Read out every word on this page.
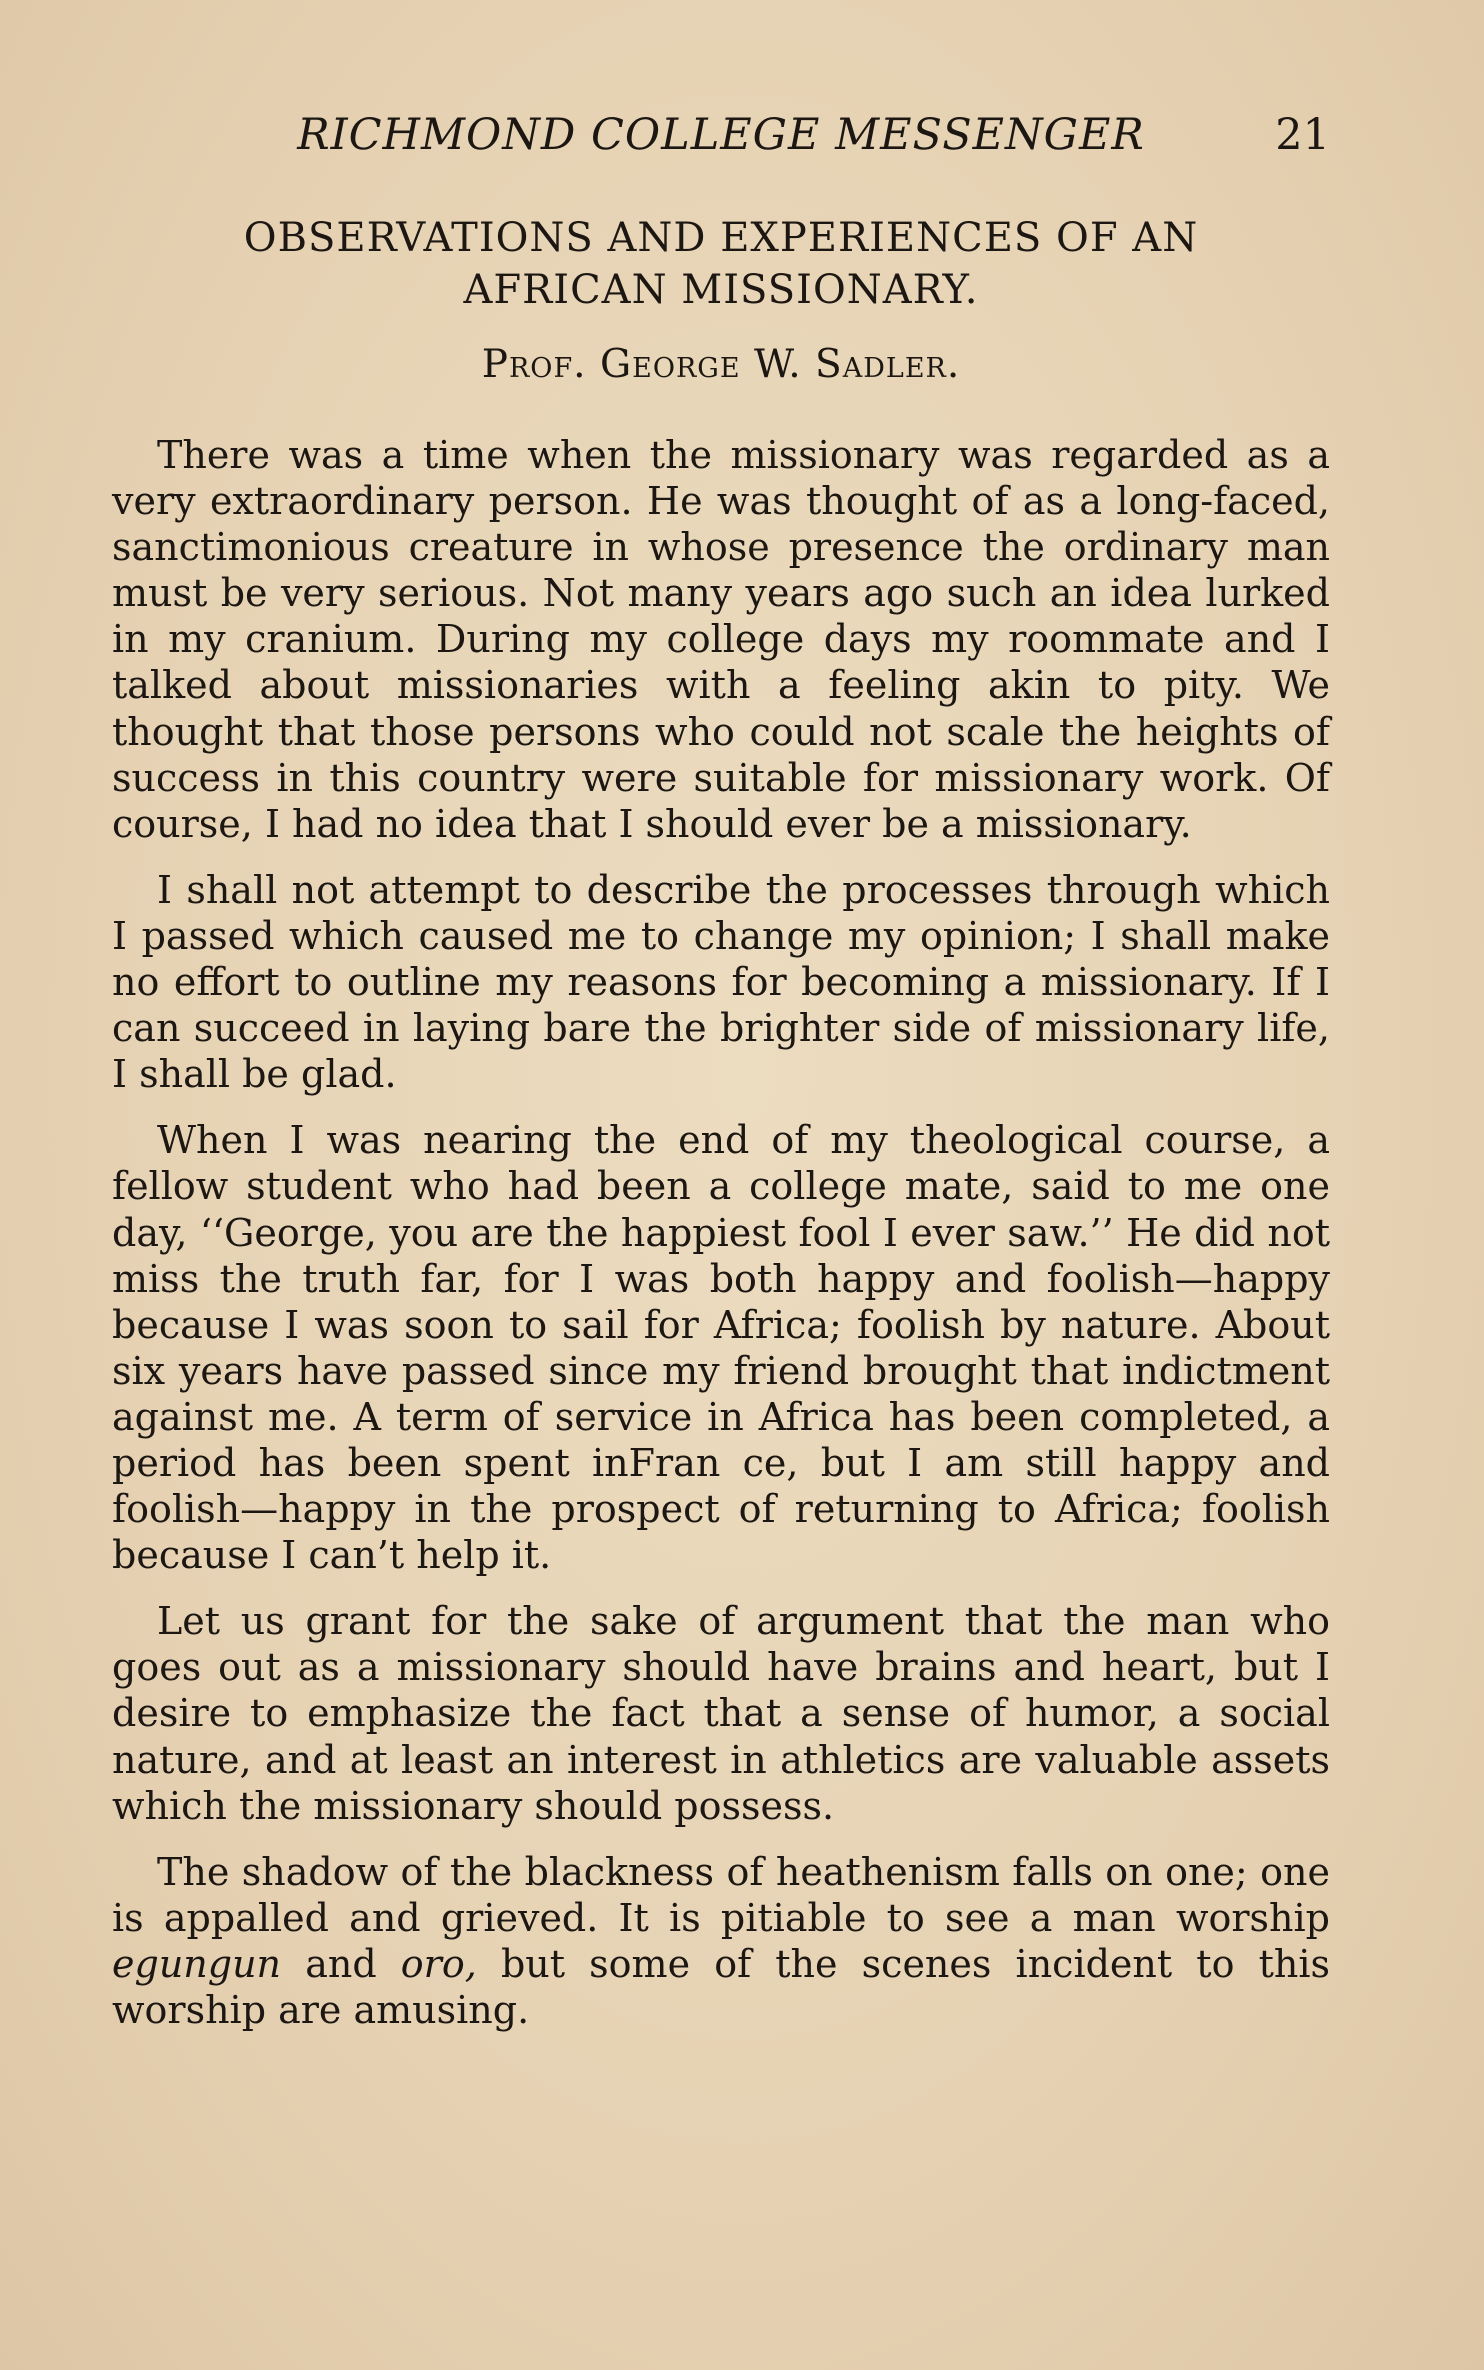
RICHMOND COLLEGE MESSENGER	21
OBSERVATIONS AND EXPERIENCES OF AN
AFRICAN MISSIONARY.
Prof. George W. Sadler.

There was a time when the missionary was regarded as a very extraordinary person. He was thought of as a long-faced, sanctimonious creature in whose presence the ordinary man must be very serious. Not many years ago such an idea lurked in my cranium. During my college days my roommate and I talked about missionaries with a feeling akin to pity. We thought that those persons who could not scale the heights of success in this country were suitable for missionary work. Of course, I had no idea that I should ever be a missionary.

I shall not attempt to describe the processes through which I passed which caused me to change my opinion; I shall make no effort to outline my reasons for becoming a missionary. If I can succeed in laying bare the brighter side of missionary life, I shall be glad.

When I was nearing the end of my theological course, a fellow student who had been a college mate, said to me one day, ‘‘George, you are the happiest fool I ever saw.’’ He did not miss the truth far, for I was both happy and foolish—happy because I was soon to sail for Africa; foolish by nature. About six years have passed since my friend brought that indictment against me. A term of service in Africa has been completed, a period has been spent inFran ce, but I am still happy and foolish—happy in the prospect of returning to Africa; foolish because I can’t help it.

Let us grant for the sake of argument that the man who goes out as a missionary should have brains and heart, but I desire to emphasize the fact that a sense of humor, a social nature, and at least an interest in athletics are valuable assets which the missionary should possess.

The shadow of the blackness of heathenism falls on one; one is appalled and grieved. It is pitiable to see a man worship egungun and oro, but some of the scenes incident to this worship are amusing.
